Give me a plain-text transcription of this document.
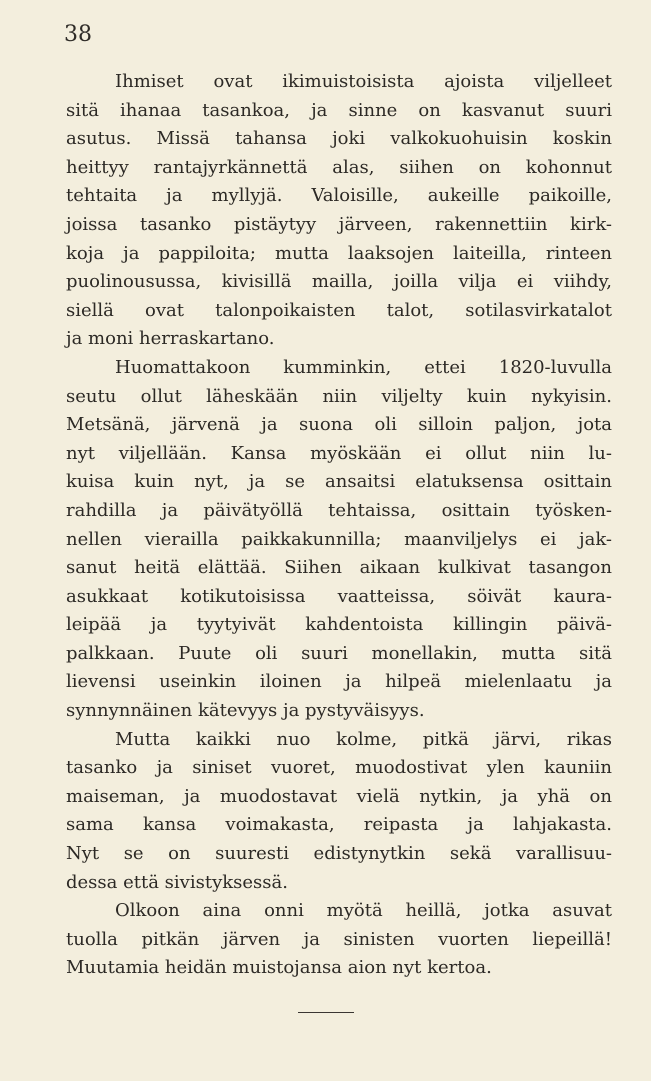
38
Ihmiset ovat ikimuistoisista ajoista viljelleet
sitä ihanaa tasankoa, ja sinne on kasvanut suuri
asutus. Missä tahansa joki valkokuohuisin koskin
heittyy rantajyrkännettä alas, siihen on kohonnut
tehtaita ja myllyjä. Valoisille, aukeille paikoille,
joissa tasanko pistäytyy järveen, rakennettiin kirk-
koja ja pappiloita; mutta laaksojen laiteilla, rinteen
puolinousussa, kivisillä mailla, joilla vilja ei viihdy,
siellä ovat talonpoikaisten talot, sotilasvirkatalot
ja moni herraskartano.
Huomattakoon kumminkin, ettei 1820-luvulla
seutu ollut läheskään niin viljelty kuin nykyisin.
Metsänä, järvenä ja suona oli silloin paljon, jota
nyt viljellään. Kansa myöskään ei ollut niin lu-
kuisa kuin nyt, ja se ansaitsi elatuksensa osittain
rahdilla ja päivätyöllä tehtaissa, osittain työsken-
nellen vierailla paikkakunnilla; maanviljelys ei jak-
sanut heitä elättää. Siihen aikaan kulkivat tasangon
asukkaat kotikutoisissa vaatteissa, söivät kaura-
leipää ja tyytyivät kahdentoista killingin päivä-
palkkaan. Puute oli suuri monellakin, mutta sitä
lievensi useinkin iloinen ja hilpeä mielenlaatu ja
synnynnäinen kätevyys ja pystyväisyys.
Mutta kaikki nuo kolme, pitkä järvi, rikas
tasanko ja siniset vuoret, muodostivat ylen kauniin
maiseman, ja muodostavat vielä nytkin, ja yhä on
sama kansa voimakasta, reipasta ja lahjakasta.
Nyt se on suuresti edistynytkin sekä varallisuu-
dessa että sivistyksessä.
Olkoon aina onni myötä heillä, jotka asuvat
tuolla pitkän järven ja sinisten vuorten liepeillä!
Muutamia heidän muistojansa aion nyt kertoa.
